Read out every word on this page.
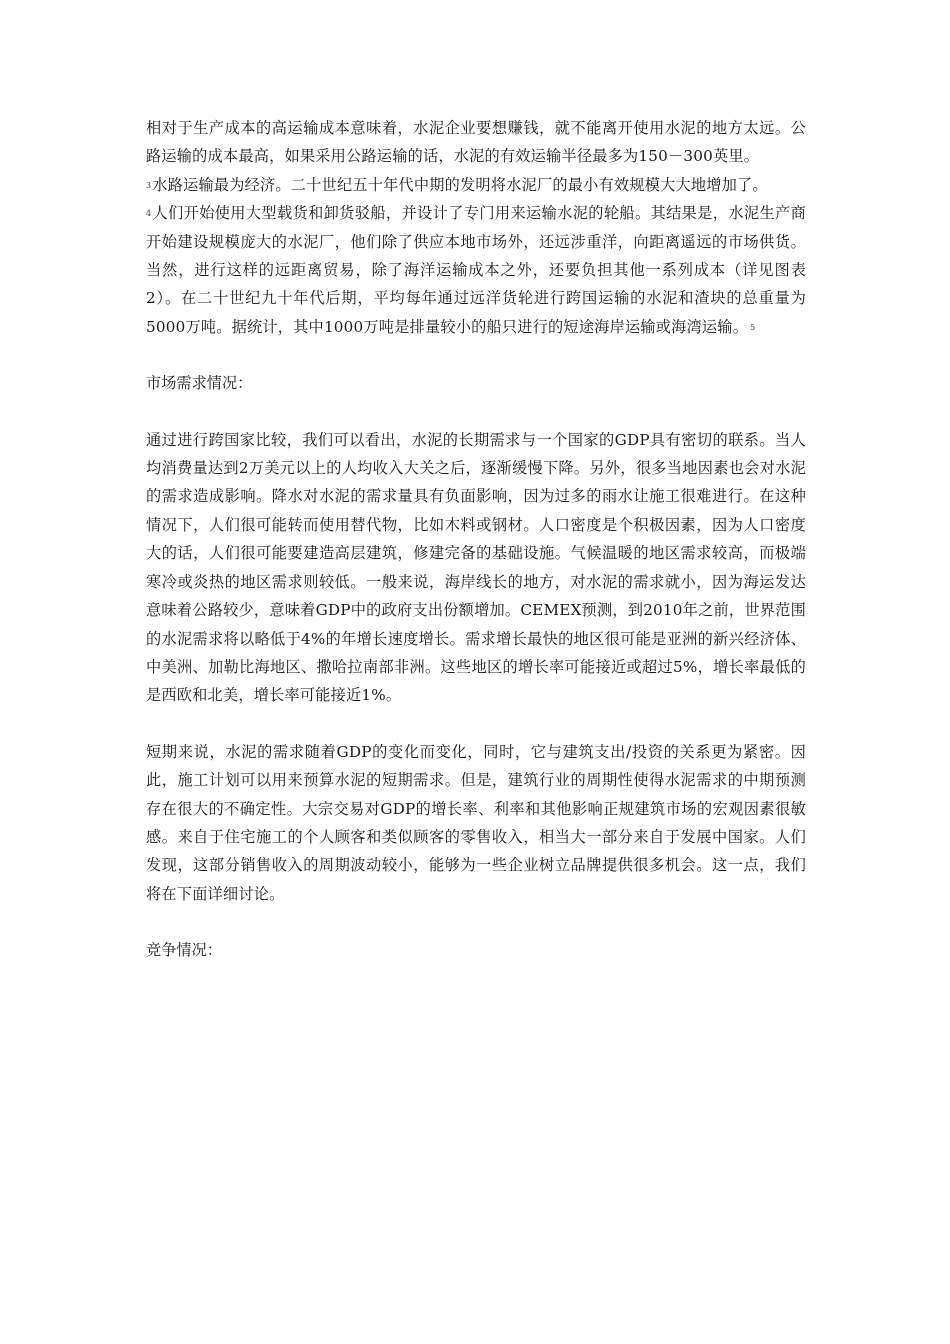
相对于生产成本的高运输成本意味着，水泥企业要想赚钱，就不能离开使用水泥的地方太远。公路运输的成本最高，如果采用公路运输的话，水泥的有效运输半径最多为150－300英里。
3水路运输最为经济。二十世纪五十年代中期的发明将水泥厂的最小有效规模大大地增加了。
4人们开始使用大型载货和卸货驳船，并设计了专门用来运输水泥的轮船。其结果是，水泥生产商开始建设规模庞大的水泥厂，他们除了供应本地市场外，还远涉重洋，向距离遥远的市场供货。当然，进行这样的远距离贸易，除了海洋运输成本之外，还要负担其他一系列成本（详见图表2）。在二十世纪九十年代后期，平均每年通过远洋货轮进行跨国运输的水泥和渣块的总重量为5000万吨。据统计，其中1000万吨是排量较小的船只进行的短途海岸运输或海湾运输。 5

市场需求情况：

通过进行跨国家比较，我们可以看出，水泥的长期需求与一个国家的GDP具有密切的联系。当人均消费量达到2万美元以上的人均收入大关之后，逐渐缓慢下降。另外，很多当地因素也会对水泥的需求造成影响。降水对水泥的需求量具有负面影响，因为过多的雨水让施工很难进行。在这种情况下，人们很可能转而使用替代物，比如木料或钢材。人口密度是个积极因素，因为人口密度大的话，人们很可能要建造高层建筑，修建完备的基础设施。气候温暖的地区需求较高，而极端寒冷或炎热的地区需求则较低。一般来说，海岸线长的地方，对水泥的需求就小，因为海运发达意味着公路较少，意味着GDP中的政府支出份额增加。CEMEX预测，到2010年之前，世界范围的水泥需求将以略低于4%的年增长速度增长。需求增长最快的地区很可能是亚洲的新兴经济体、中美洲、加勒比海地区、撒哈拉南部非洲。这些地区的增长率可能接近或超过5%，增长率最低的是西欧和北美，增长率可能接近1%。

短期来说，水泥的需求随着GDP的变化而变化，同时，它与建筑支出/投资的关系更为紧密。因此，施工计划可以用来预算水泥的短期需求。但是，建筑行业的周期性使得水泥需求的中期预测存在很大的不确定性。大宗交易对GDP的增长率、利率和其他影响正规建筑市场的宏观因素很敏感。来自于住宅施工的个人顾客和类似顾客的零售收入，相当大一部分来自于发展中国家。人们发现，这部分销售收入的周期波动较小，能够为一些企业树立品牌提供很多机会。这一点，我们将在下面详细讨论。

竞争情况：
